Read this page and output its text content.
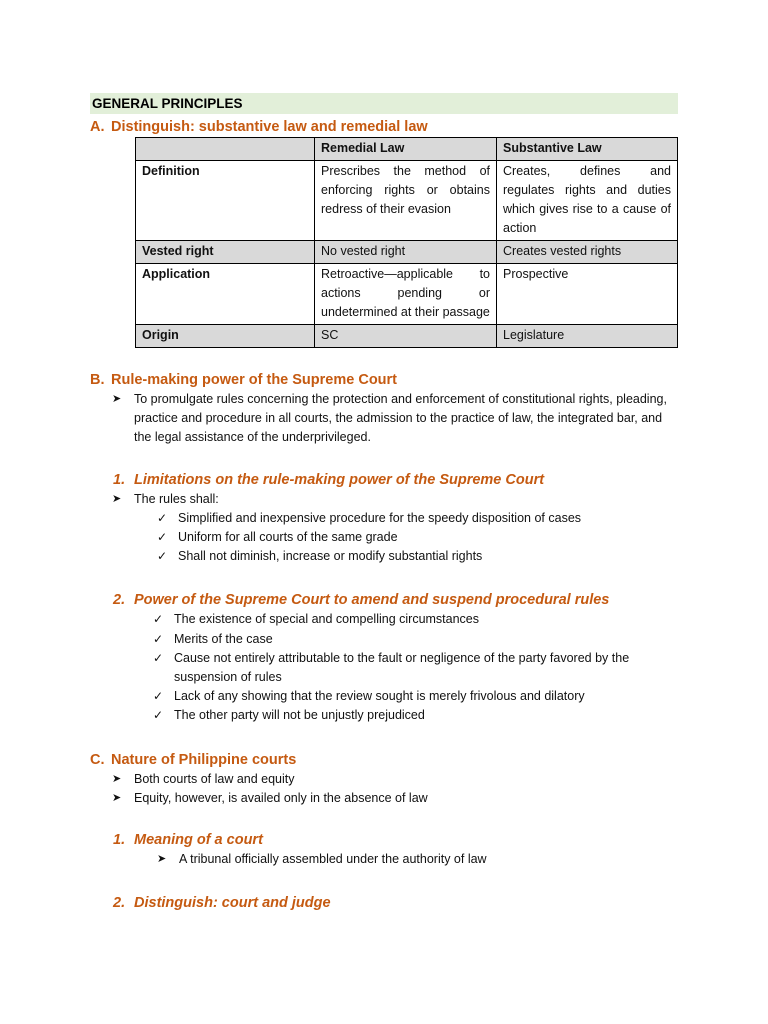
GENERAL PRINCIPLES
A. Distinguish: substantive law and remedial law
	Remedial Law	Substantive Law
Definition	Prescribes the method of enforcing rights or obtains redress of their evasion	Creates, defines and regulates rights and duties which gives rise to a cause of action
Vested right	No vested right	Creates vested rights
Application	Retroactive—applicable to actions pending or undetermined at their passage	Prospective
Origin	SC	Legislature
B. Rule-making power of the Supreme Court
➤	To promulgate rules concerning the protection and enforcement of constitutional rights, pleading, practice and procedure in all courts, the admission to the practice of law, the integrated bar, and the legal assistance of the underprivileged.
1. Limitations on the rule-making power of the Supreme Court
➤	The rules shall:
✓ Simplified and inexpensive procedure for the speedy disposition of cases
✓ Uniform for all courts of the same grade
✓ Shall not diminish, increase or modify substantial rights
2. Power of the Supreme Court to amend and suspend procedural rules
✓ The existence of special and compelling circumstances
✓ Merits of the case
✓ Cause not entirely attributable to the fault or negligence of the party favored by the suspension of rules
✓ Lack of any showing that the review sought is merely frivolous and dilatory
✓ The other party will not be unjustly prejudiced
C. Nature of Philippine courts
➤	Both courts of law and equity
➤	Equity, however, is availed only in the absence of law
1. Meaning of a court
➤	A tribunal officially assembled under the authority of law
2. Distinguish: court and judge
